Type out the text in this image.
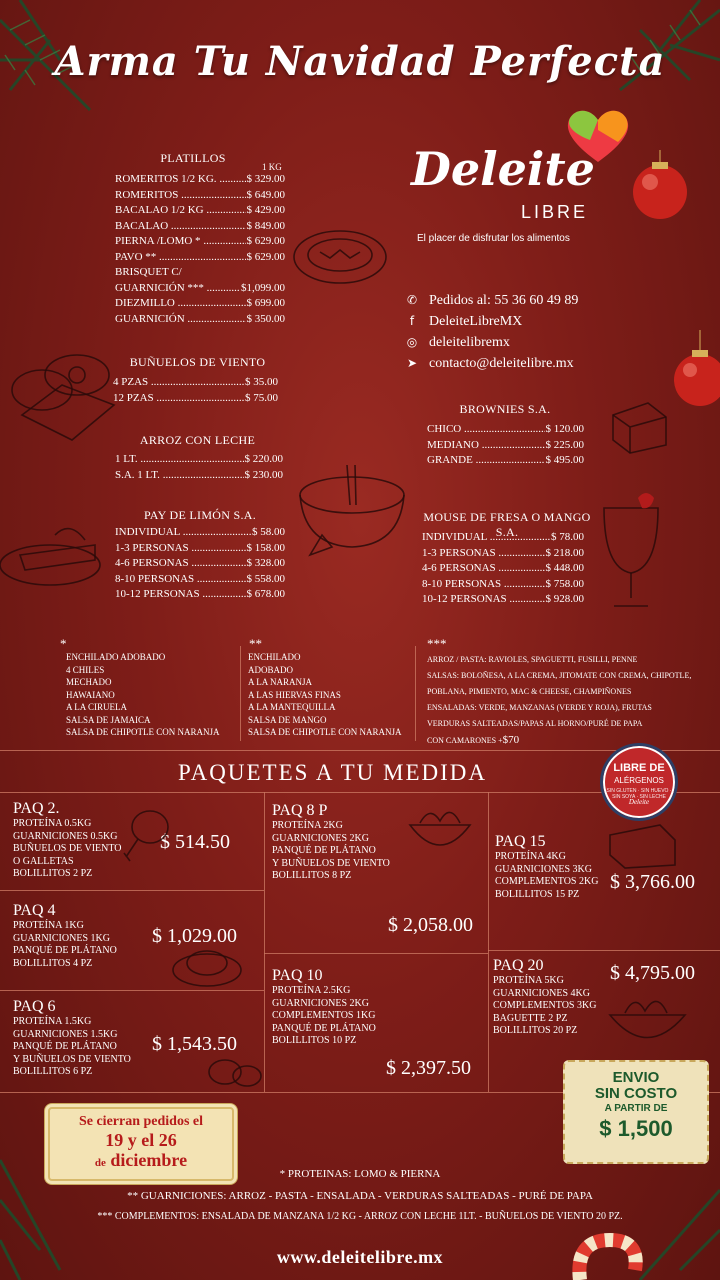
Arma Tu Navidad Perfecta
Deleite
LIBRE
El placer de disfrutar los alimentos
✆ Pedidos al: 55 36 60 49 89
f	DeleiteLibreMX
◎ deleitelibremx
➤ contacto@deleitelibre.mx
PLATILLOS
1 KG
ROMERITOS 1/2 KG. .....	$ 329.00
ROMERITOS .....	$ 649.00
BACALAO 1/2 KG .....	$ 429.00
BACALAO .....	$ 849.00
PIERNA /LOMO * .....	$ 629.00
PAVO ** .....	$ 629.00
BRISQUET C/
GUARNICIÓN *** .....	$1,099.00
DIEZMILLO .....	$ 699.00
GUARNICIÓN .....	$ 350.00
BUÑUELOS DE VIENTO
4 PZAS .....	$ 35.00
12 PZAS .....	$ 75.00
ARROZ CON LECHE
1 LT. .....	$ 220.00
S.A. 1 LT. .....	$ 230.00
PAY DE LIMÓN S.A.
INDIVIDUAL .....	$ 58.00
1-3 PERSONAS .....	$ 158.00
4-6 PERSONAS .....	$ 328.00
8-10 PERSONAS .....	$ 558.00
10-12 PERSONAS .....	$ 678.00
BROWNIES S.A.
CHICO .....	$ 120.00
MEDIANO .....	$ 225.00
GRANDE .....	$ 495.00
MOUSE DE FRESA O MANGO S.A.
INDIVIDUAL .....	$ 78.00
1-3 PERSONAS .....	$ 218.00
4-6 PERSONAS .....	$ 448.00
8-10 PERSONAS .....	$ 758.00
10-12 PERSONAS .....	$ 928.00
*
ENCHILADO ADOBADO
4 CHILES
MECHADO
HAWAIANO
A LA CIRUELA
SALSA DE JAMAICA
SALSA DE CHIPOTLE CON NARANJA
**
ENCHILADO
ADOBADO
A LA NARANJA
A LAS HIERVAS FINAS
A LA MANTEQUILLA
SALSA DE MANGO
SALSA DE CHIPOTLE CON NARANJA
***
ARROZ / PASTA: RAVIOLES, SPAGUETTI, FUSILLI, PENNE
SALSAS: BOLOÑESA, A LA CREMA, JITOMATE CON CREMA, CHIPOTLE,
POBLANA, PIMIENTO, MAC & CHEESE, CHAMPIÑONES
ENSALADAS: VERDE, MANZANAS (VERDE Y ROJA), FRUTAS
VERDURAS SALTEADAS/PAPAS AL HORNO/PURÉ DE PAPA
CON CAMARONES +$70
PAQUETES A TU MEDIDA	LIBRE DE
ALÉRGENOS
SIN GLUTEN · SIN HUEVO · SIN SOYA · SIN LECHE
Deleite
PAQ 2.
PROTEÍNA 0.5KG
GUARNICIONES 0.5KG
BUÑUELOS DE VIENTO
O GALLETAS
BOLILLITOS 2 PZ
$ 514.50
PAQ 4
PROTEÍNA 1KG
GUARNICIONES 1KG
PANQUÉ DE PLÁTANO
BOLILLITOS 4 PZ
$ 1,029.00
PAQ 6
PROTEÍNA 1.5KG
GUARNICIONES 1.5KG
PANQUÉ DE PLÁTANO
Y BUÑUELOS DE VIENTO
BOLILLITOS 6 PZ
$ 1,543.50
PAQ 8 P
PROTEÍNA 2KG
GUARNICIONES 2KG
PANQUÉ DE PLÁTANO
Y BUÑUELOS DE VIENTO
BOLILLITOS 8 PZ
$ 2,058.00
PAQ 10
PROTEÍNA 2.5KG
GUARNICIONES 2KG
COMPLEMENTOS 1KG
PANQUÉ DE PLÁTANO
BOLILLITOS 10 PZ
$ 2,397.50
PAQ 15
PROTEÍNA 4KG
GUARNICIONES 3KG
COMPLEMENTOS 2KG
BOLILLITOS 15 PZ
$ 3,766.00
PAQ 20
PROTEÍNA 5KG
GUARNICIONES 4KG
COMPLEMENTOS 3KG
BAGUETTE 2 PZ
BOLILLITOS 20 PZ
$ 4,795.00
Se cierran pedidos el
19 y el 26
de diciembre
ENVIO
SIN COSTO
A PARTIR DE
$ 1,500
* PROTEINAS: LOMO & PIERNA
** GUARNICIONES: ARROZ - PASTA - ENSALADA - VERDURAS SALTEADAS - PURÉ DE PAPA
*** COMPLEMENTOS: ENSALADA DE MANZANA 1/2 KG - ARROZ CON LECHE 1LT. - BUÑUELOS DE VIENTO 20 PZ.
www.deleitelibre.mx
